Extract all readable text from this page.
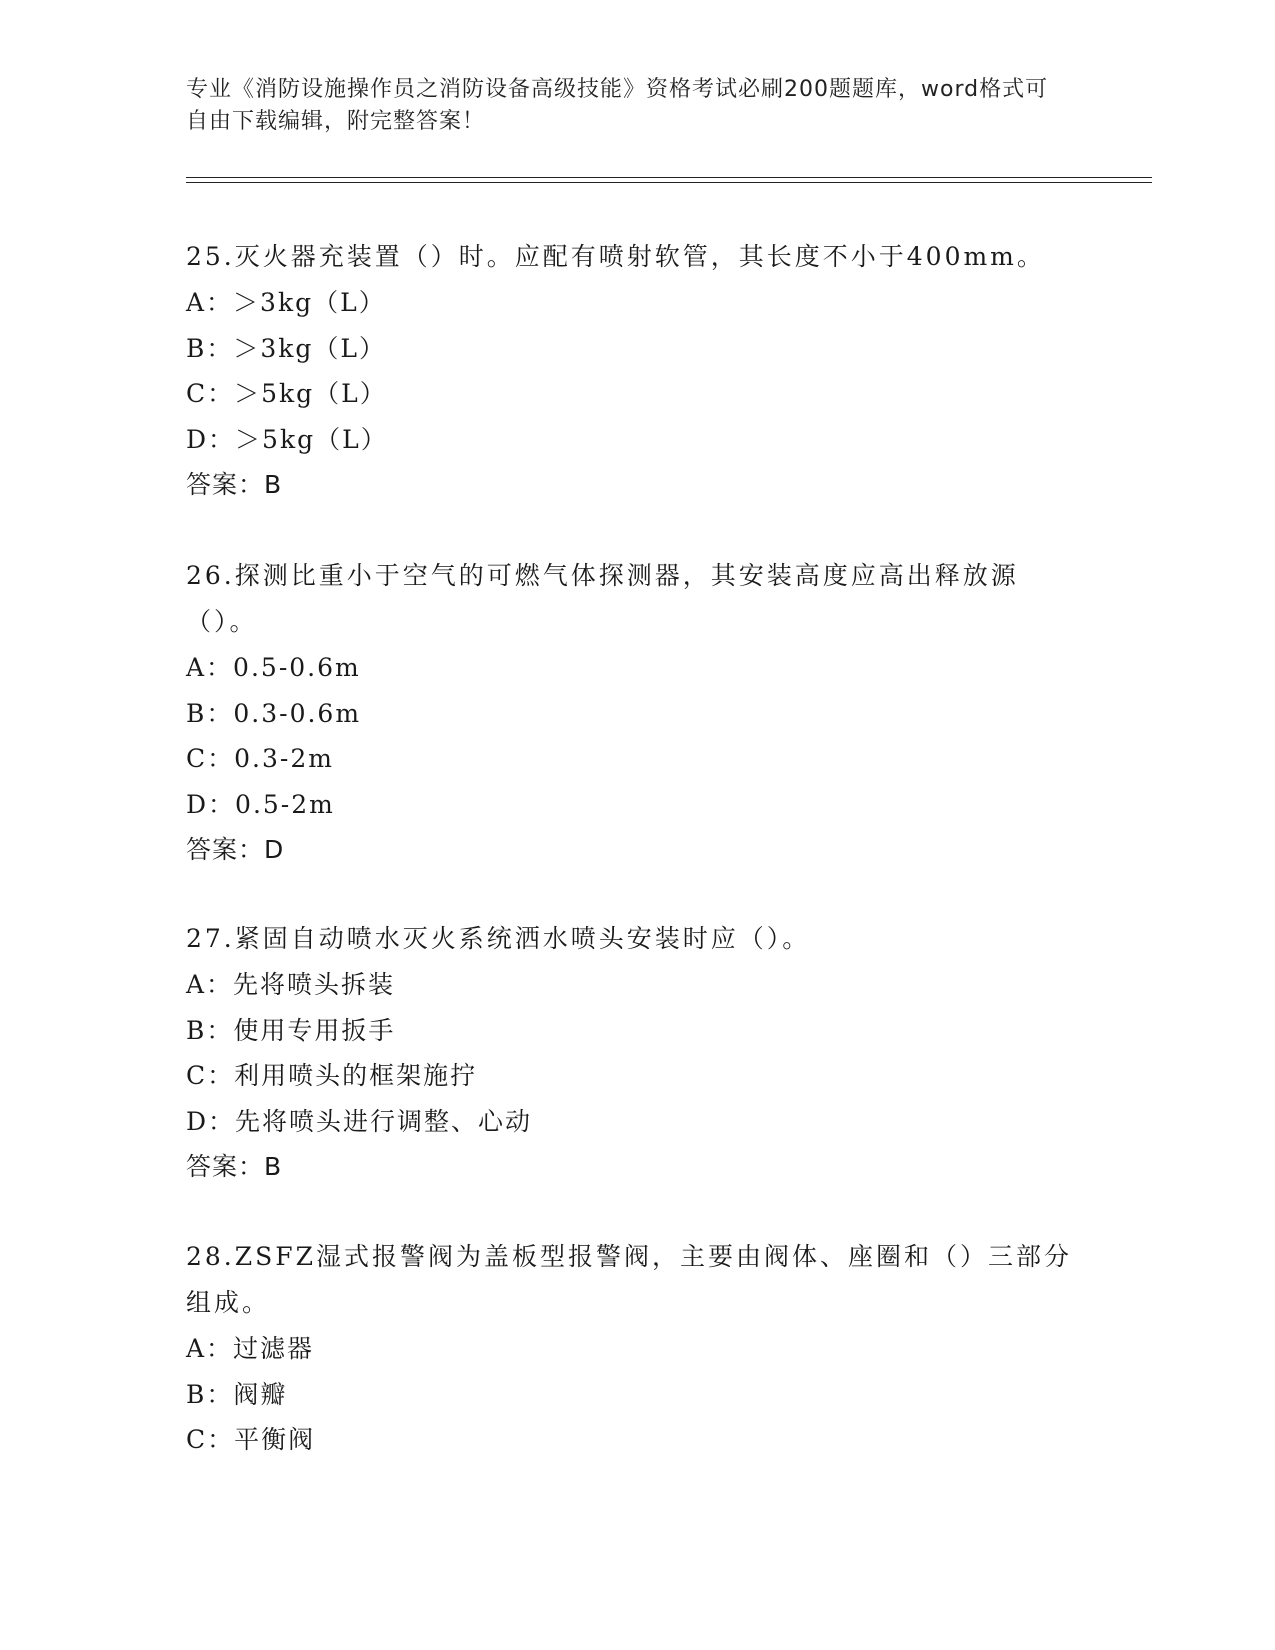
专业《消防设施操作员之消防设备高级技能》资格考试必刷200题题库，word格式可自由下载编辑，附完整答案！
25.灭火器充装置（）时。应配有喷射软管，其长度不小于400mm。
A：＞3kg（L）
B：＞3kg（L）
C：＞5kg（L）
D：＞5kg（L）
答案：B
26.探测比重小于空气的可燃气体探测器，其安装高度应高出释放源（）。
A：0.5-0.6m
B：0.3-0.6m
C：0.3-2m
D：0.5-2m
答案：D
27.紧固自动喷水灭火系统洒水喷头安装时应（）。
A：先将喷头拆装
B：使用专用扳手
C：利用喷头的框架施拧
D：先将喷头进行调整、心动
答案：B
28.ZSFZ湿式报警阀为盖板型报警阀，主要由阀体、座圈和（）三部分组成。
A：过滤器
B：阀瓣
C：平衡阀
